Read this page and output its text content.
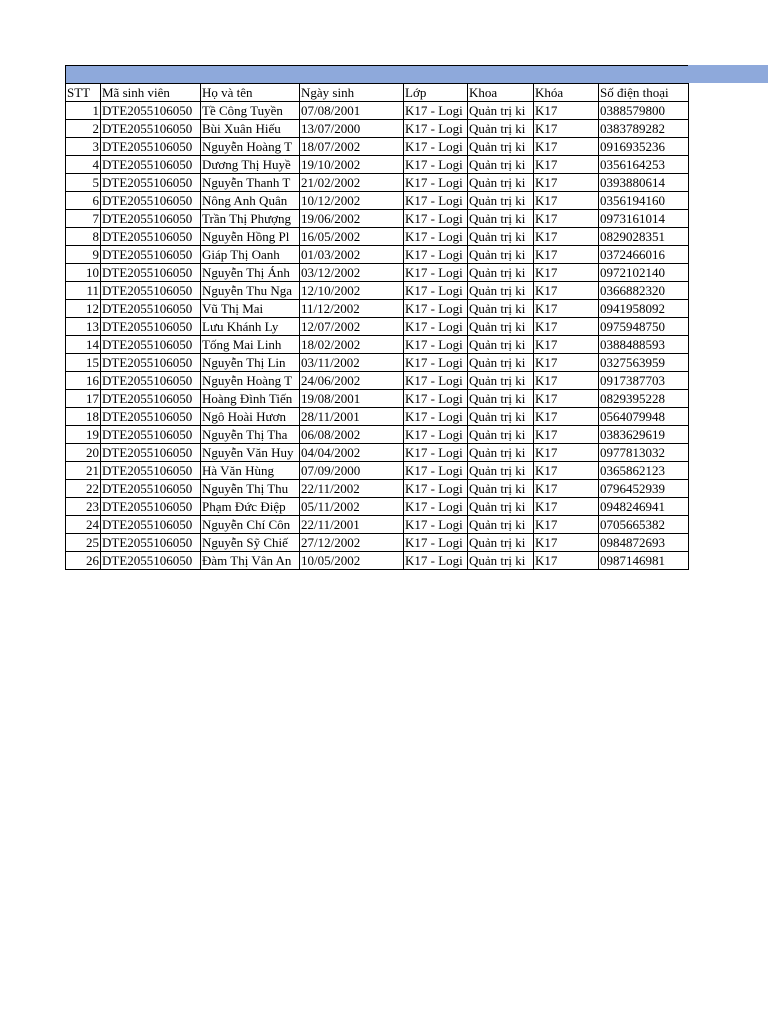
STT	Mã sinh viên	Họ và tên	Ngày sinh	Lớp	Khoa	Khóa	Số điện thoại
1	DTE2055106050	Tề Công Tuyền	07/08/2001	K17 - Logi	Quản trị ki	K17	0388579800
2	DTE2055106050	Bùi Xuân Hiếu	13/07/2000	K17 - Logi	Quản trị ki	K17	0383789282
3	DTE2055106050	Nguyễn Hoàng T	18/07/2002	K17 - Logi	Quản trị ki	K17	0916935236
4	DTE2055106050	Dương Thị Huyề	19/10/2002	K17 - Logi	Quản trị ki	K17	0356164253
5	DTE2055106050	Nguyễn Thanh T	21/02/2002	K17 - Logi	Quản trị ki	K17	0393880614
6	DTE2055106050	Nông Anh Quân	10/12/2002	K17 - Logi	Quản trị ki	K17	0356194160
7	DTE2055106050	Trần Thị Phượng	19/06/2002	K17 - Logi	Quản trị ki	K17	0973161014
8	DTE2055106050	Nguyễn Hồng Pl	16/05/2002	K17 - Logi	Quản trị ki	K17	0829028351
9	DTE2055106050	Giáp Thị Oanh	01/03/2002	K17 - Logi	Quản trị ki	K17	0372466016
10	DTE2055106050	Nguyễn Thị Ánh	03/12/2002	K17 - Logi	Quản trị ki	K17	0972102140
11	DTE2055106050	Nguyễn Thu Nga	12/10/2002	K17 - Logi	Quản trị ki	K17	0366882320
12	DTE2055106050	Vũ Thị Mai	11/12/2002	K17 - Logi	Quản trị ki	K17	0941958092
13	DTE2055106050	Lưu Khánh Ly	12/07/2002	K17 - Logi	Quản trị ki	K17	0975948750
14	DTE2055106050	Tống Mai Linh	18/02/2002	K17 - Logi	Quản trị ki	K17	0388488593
15	DTE2055106050	Nguyễn Thị Lin	03/11/2002	K17 - Logi	Quản trị ki	K17	0327563959
16	DTE2055106050	Nguyễn Hoàng T	24/06/2002	K17 - Logi	Quản trị ki	K17	0917387703
17	DTE2055106050	Hoàng Đình Tiến	19/08/2001	K17 - Logi	Quản trị ki	K17	0829395228
18	DTE2055106050	Ngô Hoài Hươn	28/11/2001	K17 - Logi	Quản trị ki	K17	0564079948
19	DTE2055106050	Nguyễn Thị Tha	06/08/2002	K17 - Logi	Quản trị ki	K17	0383629619
20	DTE2055106050	Nguyễn Văn Huy	04/04/2002	K17 - Logi	Quản trị ki	K17	0977813032
21	DTE2055106050	Hà Văn Hùng	07/09/2000	K17 - Logi	Quản trị ki	K17	0365862123
22	DTE2055106050	Nguyễn Thị Thu	22/11/2002	K17 - Logi	Quản trị ki	K17	0796452939
23	DTE2055106050	Phạm Đức Điệp	05/11/2002	K17 - Logi	Quản trị ki	K17	0948246941
24	DTE2055106050	Nguyễn Chí Côn	22/11/2001	K17 - Logi	Quản trị ki	K17	0705665382
25	DTE2055106050	Nguyễn Sỹ Chiế	27/12/2002	K17 - Logi	Quản trị ki	K17	0984872693
26	DTE2055106050	Đàm Thị Vân An	10/05/2002	K17 - Logi	Quản trị ki	K17	0987146981
